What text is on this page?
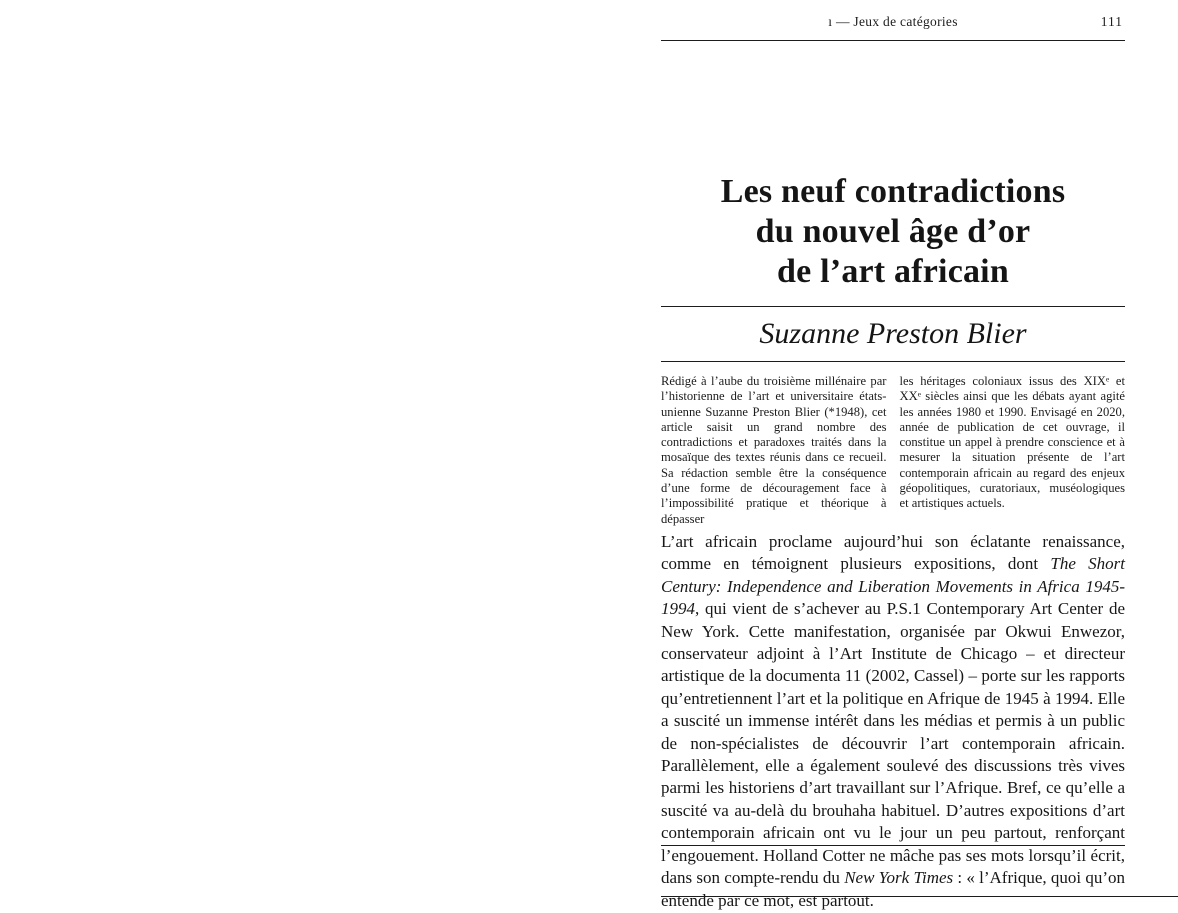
ı — Jeux de catégories	111
Les neuf contradictions
du nouvel âge d’or
de l’art africain
Suzanne Preston Blier

Rédigé à l’aube du troisième millénaire par l’historienne de l’art et universitaire états-unienne Suzanne Preston Blier (*1948), cet article saisit un grand nombre des contradictions et paradoxes traités dans la mosaïque des textes réunis dans ce recueil. Sa rédaction semble être la conséquence d’une forme de découragement face à l’impossibilité pratique et théorique à dépasser

les héritages coloniaux issus des XIXᵉ et XXᵉ siècles ainsi que les débats ayant agité les années 1980 et 1990. Envisagé en 2020, année de publication de cet ouvrage, il constitue un appel à prendre conscience et à mesurer la situation présente de l’art contemporain africain au regard des enjeux géopolitiques, curatoriaux, muséologiques et artistiques actuels.

L’art africain proclame aujourd’hui son éclatante renaissance, comme en témoignent plusieurs expositions, dont The Short Century: Independence and Liberation Movements in Africa 1945-1994, qui vient de s’achever au P.S.1 Contemporary Art Center de New York. Cette manifestation, organisée par Okwui Enwezor, conservateur adjoint à l’Art Institute de Chicago – et directeur artistique de la documenta 11 (2002, Cassel) – porte sur les rapports qu’entretiennent l’art et la politique en Afrique de 1945 à 1994. Elle a suscité un immense intérêt dans les médias et permis à un public de non-spécialistes de découvrir l’art contemporain africain. Parallèlement, elle a également soulevé des discussions très vives parmi les historiens d’art travaillant sur l’Afrique. Bref, ce qu’elle a suscité va au-delà du brouhaha habituel. D’autres expositions d’art contemporain africain ont vu le jour un peu partout, renforçant l’engouement. Holland Cotter ne mâche pas ses mots lorsqu’il écrit, dans son compte-rendu du New York Times : « l’Afrique, quoi qu’on entende par ce mot, est partout.
